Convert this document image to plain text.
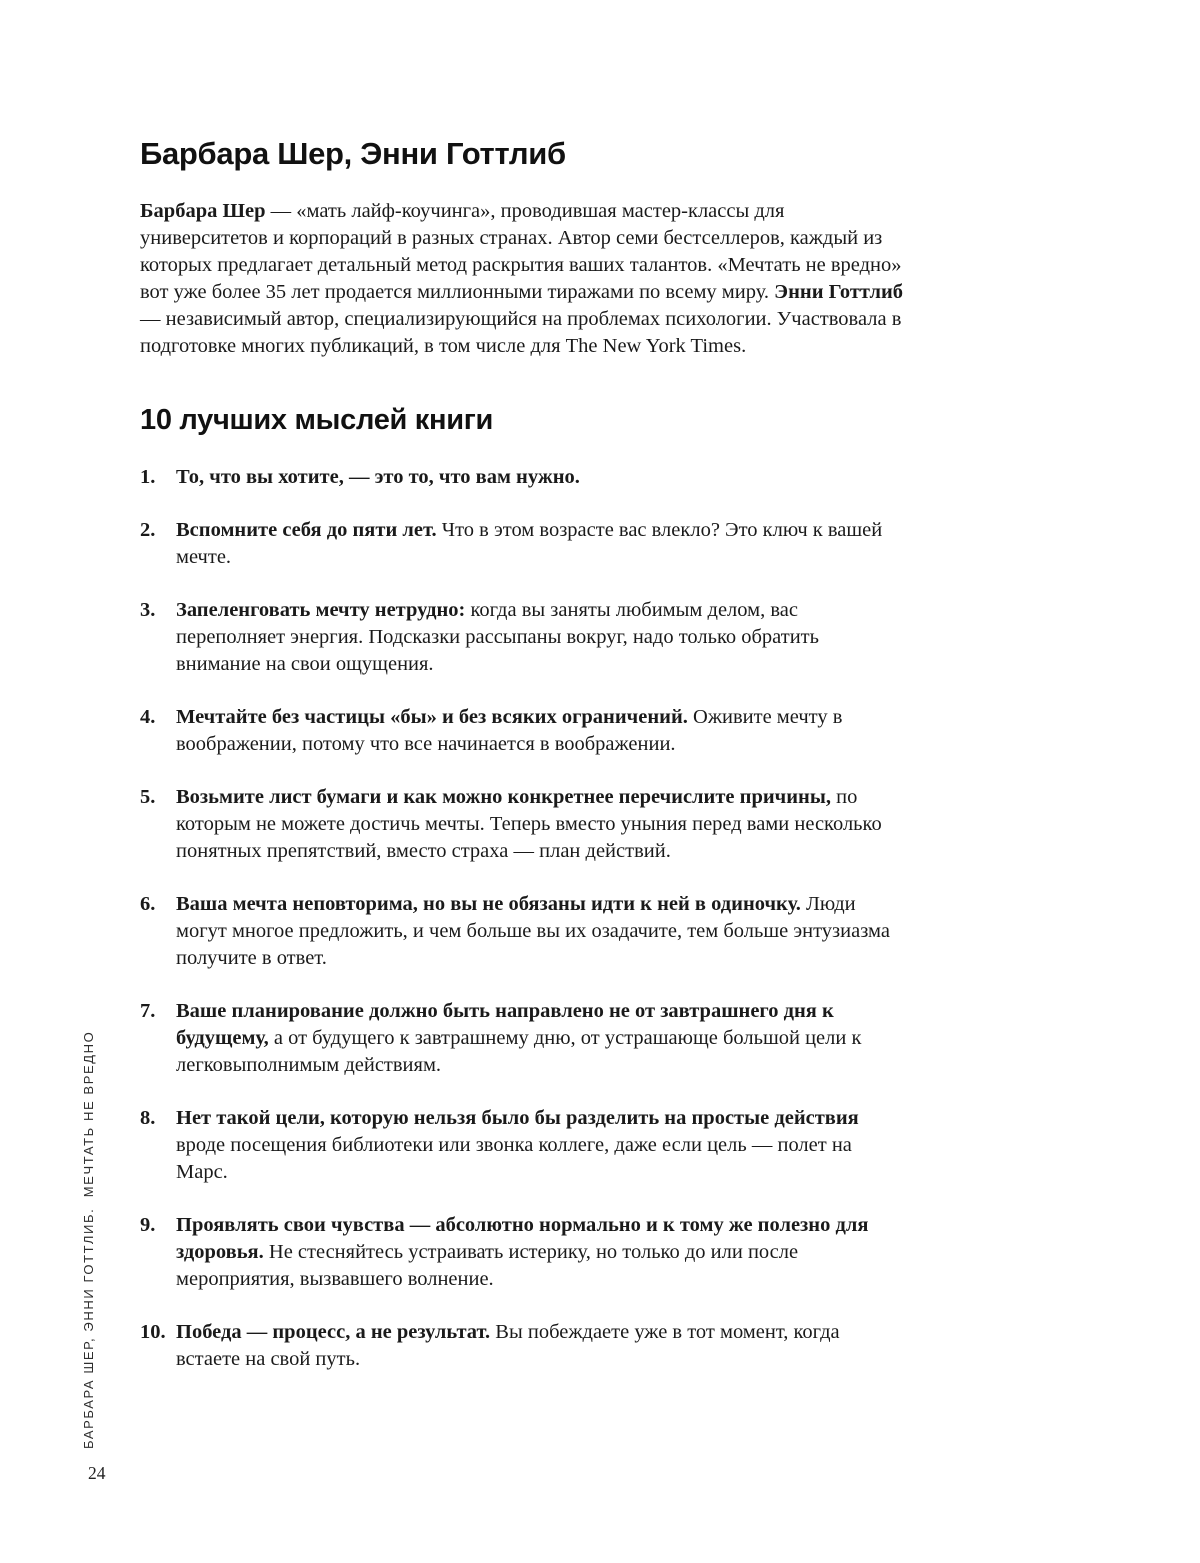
БАРБАРА ШЕР, ЭННИ ГОТТЛИБ.  МЕЧТАТЬ НЕ ВРЕДНО
24
Барбара Шер, Энни Готтлиб

Барбара Шер — «мать лайф-коучинга», проводившая мастер-классы для университетов и корпораций в разных странах. Автор семи бестселлеров, каждый из которых предлагает детальный метод раскрытия ваших талантов. «Мечтать не вредно» вот уже более 35 лет продается миллионными тиражами по всему миру. Энни Готтлиб — независимый автор, специализирующийся на проблемах психологии. Участвовала в подготовке многих публикаций, в том числе для The New York Times.

10 лучших мыслей книги
1.	То, что вы хотите, — это то, что вам нужно.
2.	Вспомните себя до пяти лет. Что в этом возрасте вас влекло? Это ключ к вашей мечте.
3.	Запеленговать мечту нетрудно: когда вы заняты любимым делом, вас переполняет энергия. Подсказки рассыпаны вокруг, надо только обратить внимание на свои ощущения.
4.	Мечтайте без частицы «бы» и без всяких ограничений. Оживите мечту в воображении, потому что все начинается в воображении.
5.	Возьмите лист бумаги и как можно конкретнее перечислите причины, по которым не можете достичь мечты. Теперь вместо уныния перед вами несколько понятных препятствий, вместо страха — план действий.
6.	Ваша мечта неповторима, но вы не обязаны идти к ней в одиночку. Люди могут многое предложить, и чем больше вы их озадачите, тем больше энтузиазма получите в ответ.
7.	Ваше планирование должно быть направлено не от завтрашнего дня к будущему, а от будущего к завтрашнему дню, от устрашающе большой цели к легковыполнимым действиям.
8.	Нет такой цели, которую нельзя было бы разделить на простые действия вроде посещения библиотеки или звонка коллеге, даже если цель — полет на Марс.
9.	Проявлять свои чувства — абсолютно нормально и к тому же полезно для здоровья. Не стесняйтесь устраивать истерику, но только до или после мероприятия, вызвавшего волнение.
10. Победа — процесс, а не результат. Вы побеждаете уже в тот момент, когда встаете на свой путь.
